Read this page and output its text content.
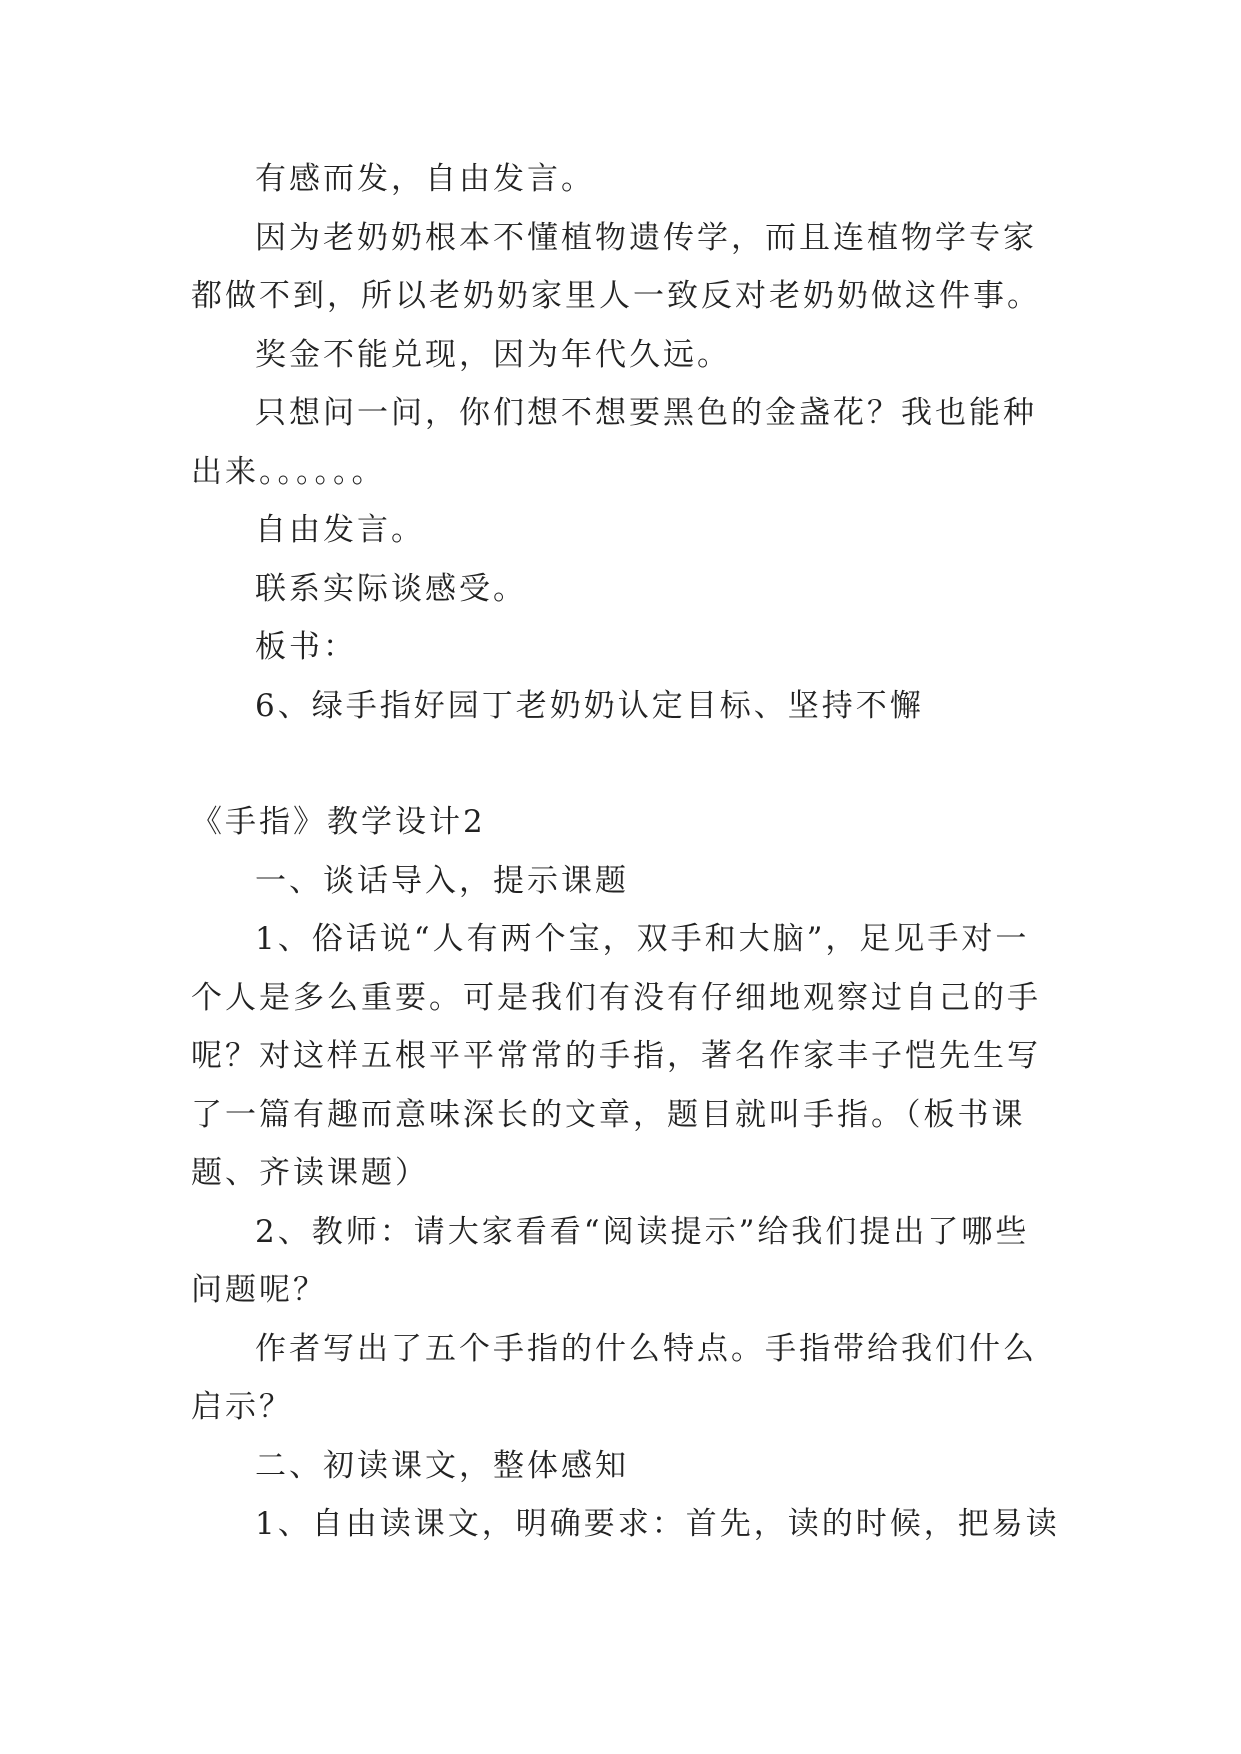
有感而发，自由发言。

因为老奶奶根本不懂植物遗传学，而且连植物学专家都做不到，所以老奶奶家里人一致反对老奶奶做这件事。

奖金不能兑现，因为年代久远。

只想问一问，你们想不想要黑色的金盏花？我也能种出来。。。。。。

自由发言。

联系实际谈感受。

板书：

6、绿手指好园丁老奶奶认定目标、坚持不懈

《手指》教学设计2

一、谈话导入，提示课题

1、俗话说“人有两个宝，双手和大脑”，足见手对一个人是多么重要。可是我们有没有仔细地观察过自己的手呢？对这样五根平平常常的手指，著名作家丰子恺先生写了一篇有趣而意味深长的文章，题目就叫手指。（板书课题、齐读课题）

2、教师：请大家看看“阅读提示”给我们提出了哪些问题呢？

作者写出了五个手指的什么特点。手指带给我们什么启示？

二、初读课文，整体感知

1、自由读课文，明确要求：首先，读的时候，把易读
